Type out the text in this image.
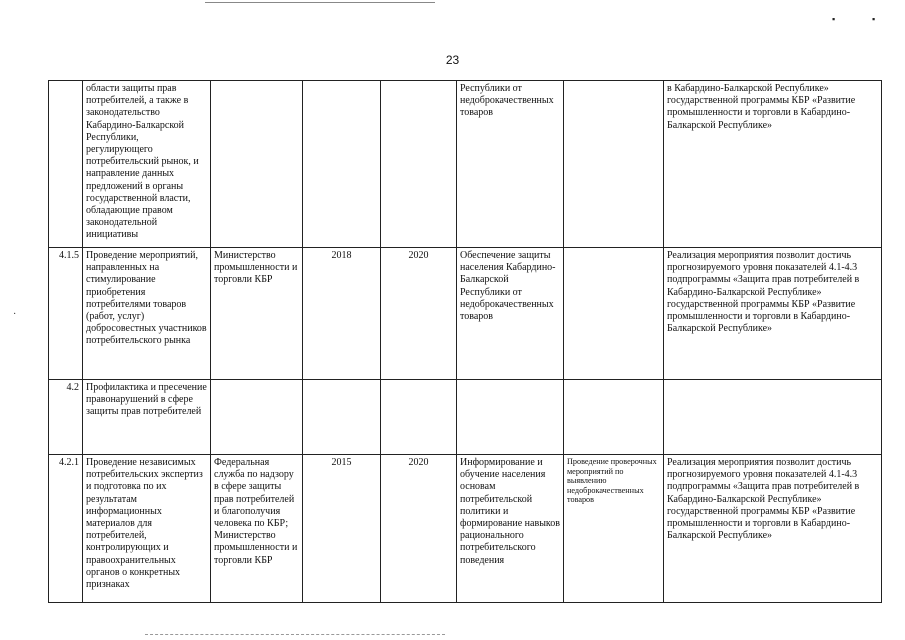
▪	▪
23
·
	области защиты прав потребителей, а также в законодательство Кабардино-Балкарской Республики, регулирующего потребительский рынок, и направление данных предложений в органы государственной власти, обладающие правом законодательной инициативы				Республики от недоброкачественных товаров		в Кабардино-Балкарской Республике» государственной программы КБР «Развитие промышленности и торговли в Кабардино-Балкарской Республике»
4.1.5	Проведение мероприятий, направленных на стимулирование приобретения потребителями товаров (работ, услуг) добросовестных участников потребительского рынка	Министерство промышленности и торговли КБР	2018	2020	Обеспечение защиты населения Кабардино-Балкарской Республики от недоброкачественных товаров		Реализация мероприятия позволит достичь прогнозируемого уровня показателей 4.1-4.3 подпрограммы «Защита прав потребителей в Кабардино-Балкарской Республике» государственной программы КБР «Развитие промышленности и торговли в Кабардино-Балкарской Республике»
4.2	Профилактика и пресечение правонарушений в сфере защиты прав потребителей						
4.2.1	Проведение независимых потребительских экспертиз и подготовка по их результатам информационных материалов для потребителей, контролирующих и правоохранительных органов о конкретных признаках	Федеральная служба по надзору в сфере защиты прав потребителей и благополучия человека по КБР; Министерство промышленности и торговли КБР	2015	2020	Информирование и обучение населения основам потребительской политики и формирование навыков рационального потребительского поведения	Проведение проверочных мероприятий по выявлению недоброкачественных товаров	Реализация мероприятия позволит достичь прогнозируемого уровня показателей 4.1-4.3 подпрограммы «Защита прав потребителей в Кабардино-Балкарской Республике» государственной программы КБР «Развитие промышленности и торговли в Кабардино-Балкарской Республике»
